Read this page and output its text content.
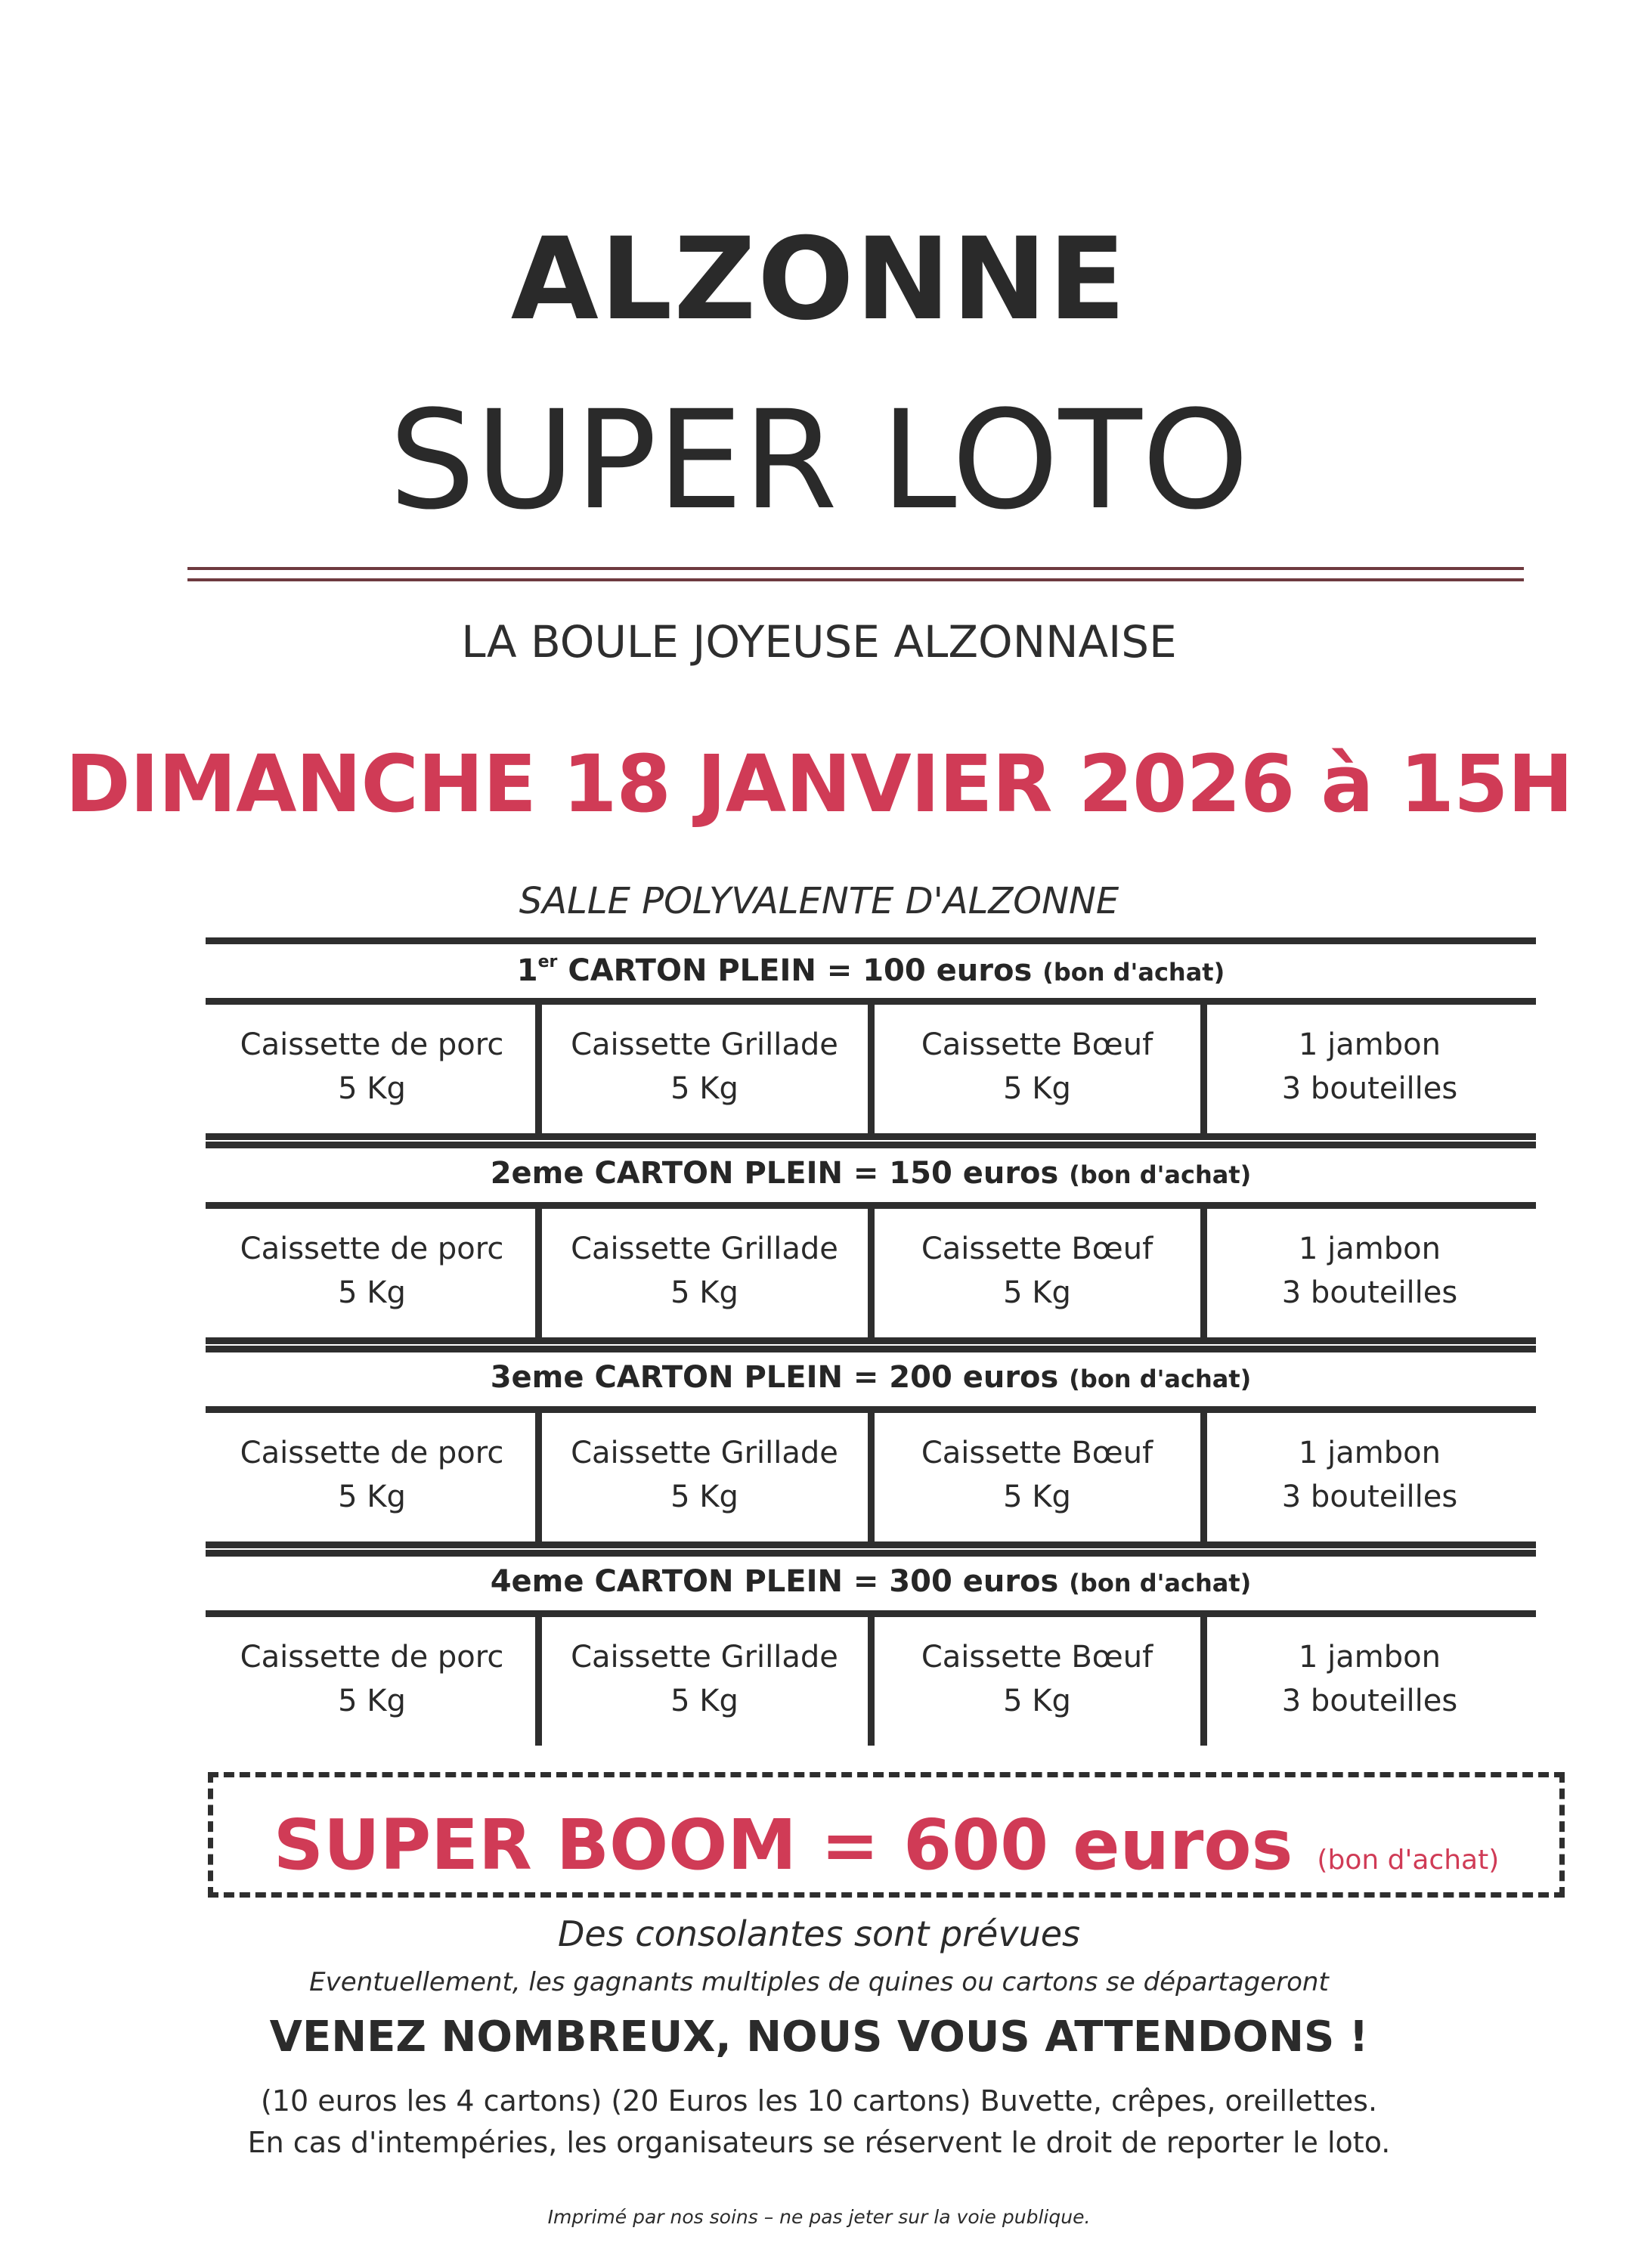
ALZONNE
SUPER LOTO
LA BOULE JOYEUSE ALZONNAISE
DIMANCHE 18 JANVIER 2026 à 15H
SALLE POLYVALENTE D'ALZONNE
1er CARTON PLEIN = 100 euros (bon d'achat)
Caissette de porc
5 Kg
Caissette Grillade
5 Kg
Caissette Bœuf
5 Kg
1 jambon
3 bouteilles
2eme CARTON PLEIN = 150 euros (bon d'achat)
Caissette de porc
5 Kg
Caissette Grillade
5 Kg
Caissette Bœuf
5 Kg
1 jambon
3 bouteilles
3eme CARTON PLEIN = 200 euros (bon d'achat)
Caissette de porc
5 Kg
Caissette Grillade
5 Kg
Caissette Bœuf
5 Kg
1 jambon
3 bouteilles
4eme CARTON PLEIN = 300 euros (bon d'achat)
Caissette de porc
5 Kg
Caissette Grillade
5 Kg
Caissette Bœuf
5 Kg
1 jambon
3 bouteilles
SUPER BOOM = 600 euros (bon d'achat)
Des consolantes sont prévues
Eventuellement, les gagnants multiples de quines ou cartons se départageront
VENEZ NOMBREUX, NOUS VOUS ATTENDONS !
(10 euros les 4 cartons) (20 Euros les 10 cartons) Buvette, crêpes, oreillettes.
En cas d'intempéries, les organisateurs se réservent le droit de reporter le loto.
Imprimé par nos soins – ne pas jeter sur la voie publique.
